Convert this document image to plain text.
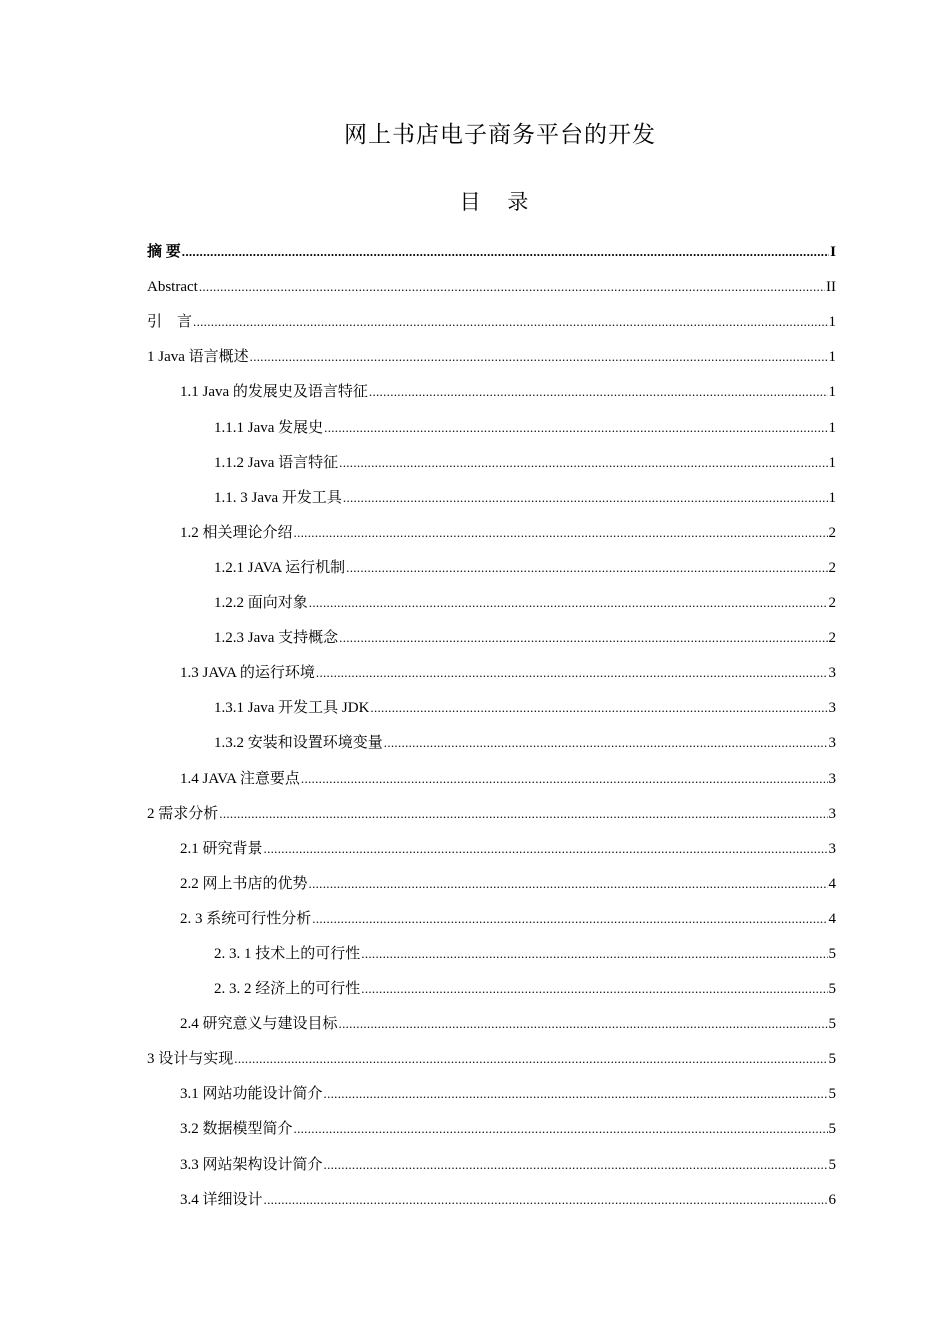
网上书店电子商务平台的开发
目 录
摘 要 .....	I
Abstract .....	II
引　言 .....	1
1 Java 语言概述 .....	1
1.1 Java 的发展史及语言特征 .....	1
1.1.1 Java 发展史 .....	1
1.1.2 Java 语言特征 .....	1
1.1. 3 Java 开发工具 .....	1
1.2 相关理论介绍 .....	2
1.2.1 JAVA 运行机制 .....	2
1.2.2 面向对象 .....	2
1.2.3 Java 支持概念 .....	2
1.3 JAVA 的运行环境 .....	3
1.3.1 Java 开发工具 JDK .....	3
1.3.2 安装和设置环境变量 .....	3
1.4 JAVA 注意要点 .....	3
2 需求分析 .....	3
2.1 研究背景 .....	3
2.2 网上书店的优势 .....	4
2. 3 系统可行性分析 .....	4
2. 3. 1 技术上的可行性 .....	5
2. 3. 2 经济上的可行性 .....	5
2.4 研究意义与建设目标 .....	5
3 设计与实现 .....	5
3.1 网站功能设计简介 .....	5
3.2 数据模型简介 .....	5
3.3 网站架构设计简介 .....	5
3.4 详细设计 .....	6
